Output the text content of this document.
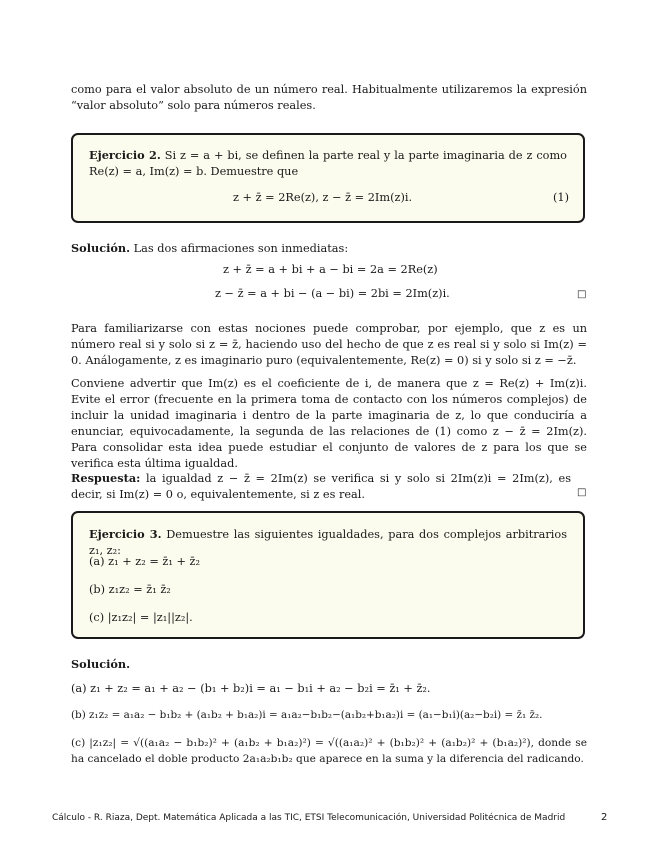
como para el valor absoluto de un número real. Habitualmente utilizaremos la expresión “valor absoluto” solo para números reales.

Ejercicio 2. Si z = a + bi, se definen la parte real y la parte imaginaria de z como Re(z) = a, Im(z) = b. Demuestre que

z + z̄ = 2Re(z), z − z̄ = 2Im(z)i.	(1)

Solución. Las dos afirmaciones son inmediatas:

z + z̄ = a + bi + a − bi = 2a = 2Re(z)
z − z̄ = a + bi − (a − bi) = 2bi = 2Im(z)i.	□

Para familiarizarse con estas nociones puede comprobar, por ejemplo, que z es un número real si y solo si z = z̄, haciendo uso del hecho de que z es real si y solo si Im(z) = 0. Análogamente, z es imaginario puro (equivalentemente, Re(z) = 0) si y solo si z = −z̄.

Conviene advertir que Im(z) es el coeficiente de i, de manera que z = Re(z) + Im(z)i. Evite el error (frecuente en la primera toma de contacto con los números complejos) de incluir la unidad imaginaria i dentro de la parte imaginaria de z, lo que conduciría a enunciar, equivocadamente, la segunda de las relaciones de (1) como z − z̄ = 2Im(z). Para consolidar esta idea puede estudiar el conjunto de valores de z para los que se verifica esta última igualdad.

Respuesta: la igualdad z − z̄ = 2Im(z) se verifica si y solo si 2Im(z)i = 2Im(z), es decir, si Im(z) = 0 o, equivalentemente, si z es real.	□

Ejercicio 3. Demuestre las siguientes igualdades, para dos complejos arbitrarios z₁, z₂:

(a) z₁ + z₂ = z̄₁ + z̄₂
(b) z₁z₂ = z̄₁ z̄₂
(c) |z₁z₂| = |z₁||z₂|.

Solución.

(a) z₁ + z₂ = a₁ + a₂ − (b₁ + b₂)i = a₁ − b₁i + a₂ − b₂i = z̄₁ + z̄₂.

(b) z₁z₂ = a₁a₂ − b₁b₂ + (a₁b₂ + b₁a₂)i = a₁a₂−b₁b₂−(a₁b₂+b₁a₂)i = (a₁−b₁i)(a₂−b₂i) = z̄₁ z̄₂.

(c) |z₁z₂| = √((a₁a₂ − b₁b₂)² + (a₁b₂ + b₁a₂)²) = √((a₁a₂)² + (b₁b₂)² + (a₁b₂)² + (b₁a₂)²), donde se ha cancelado el doble producto 2a₁a₂b₁b₂ que aparece en la suma y la diferencia del radicando.

Cálculo - R. Riaza, Dept. Matemática Aplicada a las TIC, ETSI Telecomunicación, Universidad Politécnica de Madrid	2
